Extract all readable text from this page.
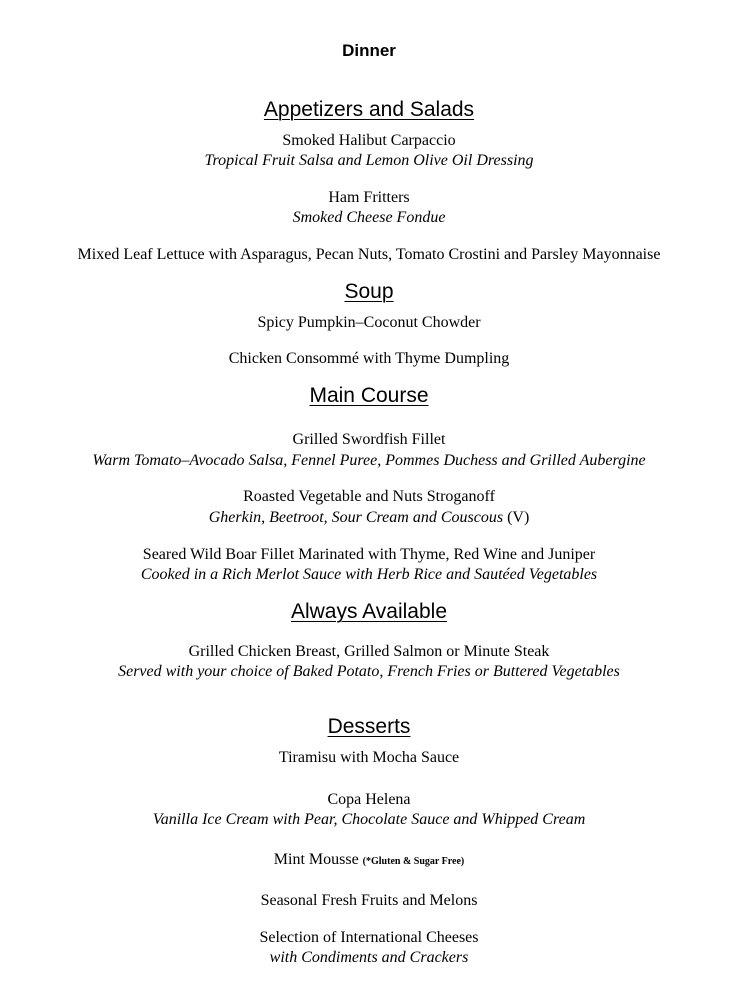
Dinner
Appetizers and Salads
Smoked Halibut Carpaccio
Tropical Fruit Salsa and Lemon Olive Oil Dressing
Ham Fritters
Smoked Cheese Fondue
Mixed Leaf Lettuce with Asparagus, Pecan Nuts, Tomato Crostini and Parsley Mayonnaise
Soup
Spicy Pumpkin–Coconut Chowder
Chicken Consommé with Thyme Dumpling
Main Course
Grilled Swordfish Fillet
Warm Tomato–Avocado Salsa, Fennel Puree, Pommes Duchess and Grilled Aubergine
Roasted Vegetable and Nuts Stroganoff
Gherkin, Beetroot, Sour Cream and Couscous (V)
Seared Wild Boar Fillet Marinated with Thyme, Red Wine and Juniper
Cooked in a Rich Merlot Sauce with Herb Rice and Sautéed Vegetables
Always Available
Grilled Chicken Breast, Grilled Salmon or Minute Steak
Served with your choice of Baked Potato, French Fries or Buttered Vegetables
Desserts
Tiramisu with Mocha Sauce
Copa Helena
Vanilla Ice Cream with Pear, Chocolate Sauce and Whipped Cream
Mint Mousse (*Gluten & Sugar Free)
Seasonal Fresh Fruits and Melons
Selection of International Cheeses
with Condiments and Crackers
